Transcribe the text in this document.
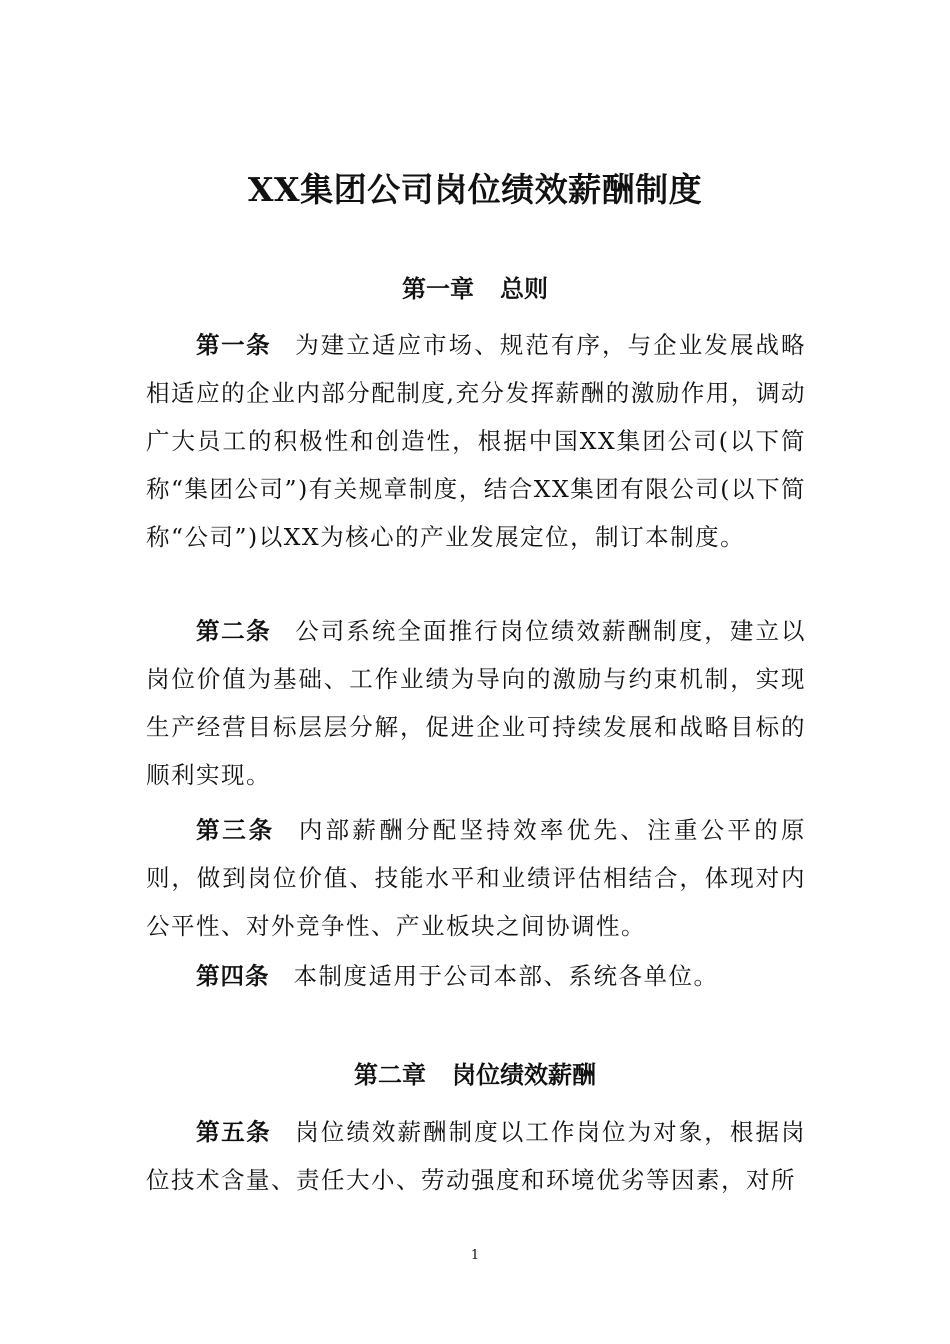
XX集团公司岗位绩效薪酬制度
第一章 总则

第一条 为建立适应市场、规范有序，与企业发展战略相适应的企业内部分配制度,充分发挥薪酬的激励作用，调动广大员工的积极性和创造性，根据中国XX集团公司(以下简称“集团公司”)有关规章制度，结合XX集团有限公司(以下简称“公司”)以XX为核心的产业发展定位，制订本制度。

第二条 公司系统全面推行岗位绩效薪酬制度，建立以岗位价值为基础、工作业绩为导向的激励与约束机制，实现生产经营目标层层分解，促进企业可持续发展和战略目标的顺利实现。

第三条 内部薪酬分配坚持效率优先、注重公平的原则，做到岗位价值、技能水平和业绩评估相结合，体现对内公平性、对外竞争性、产业板块之间协调性。

第四条 本制度适用于公司本部、系统各单位。

第二章 岗位绩效薪酬

第五条 岗位绩效薪酬制度以工作岗位为对象，根据岗位技术含量、责任大小、劳动强度和环境优劣等因素，对所

1
